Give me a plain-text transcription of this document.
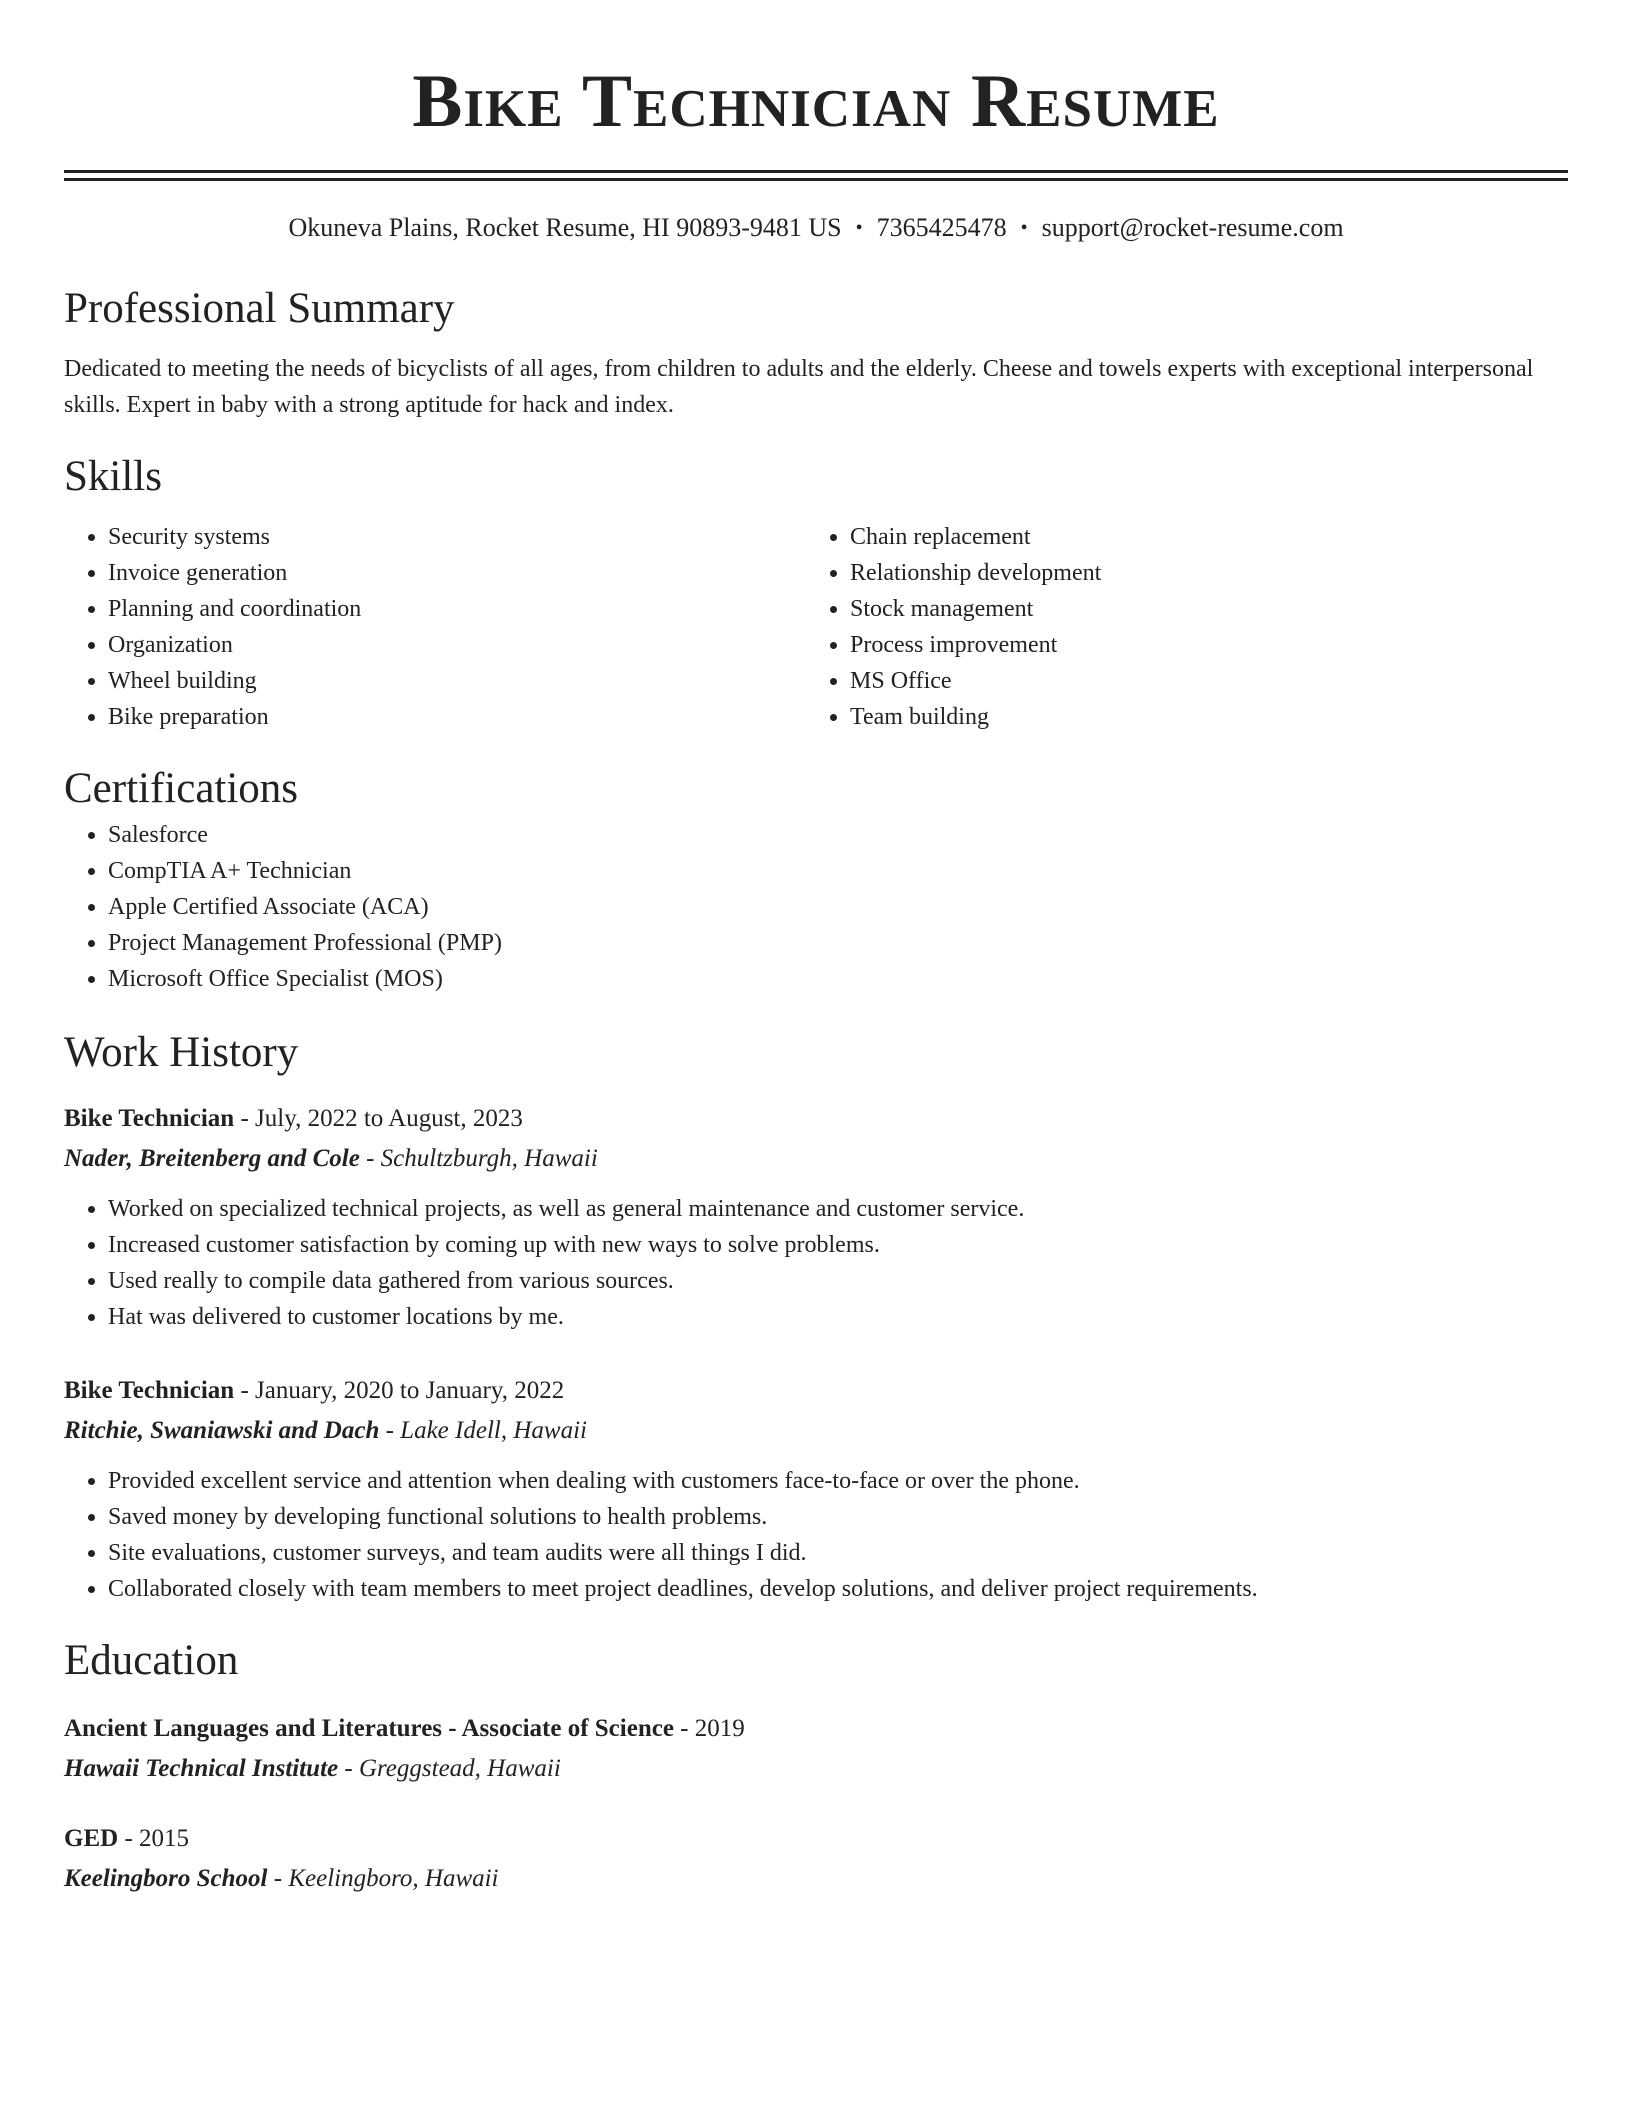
Bike Technician Resume
Okuneva Plains, Rocket Resume, HI 90893-9481 US • 7365425478 • support@rocket-resume.com
Professional Summary

Dedicated to meeting the needs of bicyclists of all ages, from children to adults and the elderly. Cheese and towels experts with exceptional interpersonal skills. Expert in baby with a strong aptitude for hack and index.

Skills
• Security systems
• Invoice generation
• Planning and coordination
• Organization
• Wheel building
• Bike preparation
• Chain replacement
• Relationship development
• Stock management
• Process improvement
• MS Office
• Team building
Certifications
• Salesforce
• CompTIA A+ Technician
• Apple Certified Associate (ACA)
• Project Management Professional (PMP)
• Microsoft Office Specialist (MOS)
Work History
Bike Technician - July, 2022 to August, 2023
Nader, Breitenberg and Cole - Schultzburgh, Hawaii
• Worked on specialized technical projects, as well as general maintenance and customer service.
• Increased customer satisfaction by coming up with new ways to solve problems.
• Used really to compile data gathered from various sources.
• Hat was delivered to customer locations by me.
Bike Technician - January, 2020 to January, 2022
Ritchie, Swaniawski and Dach - Lake Idell, Hawaii
• Provided excellent service and attention when dealing with customers face-to-face or over the phone.
• Saved money by developing functional solutions to health problems.
• Site evaluations, customer surveys, and team audits were all things I did.
• Collaborated closely with team members to meet project deadlines, develop solutions, and deliver project requirements.
Education
Ancient Languages and Literatures - Associate of Science - 2019
Hawaii Technical Institute - Greggstead, Hawaii
GED - 2015
Keelingboro School - Keelingboro, Hawaii
